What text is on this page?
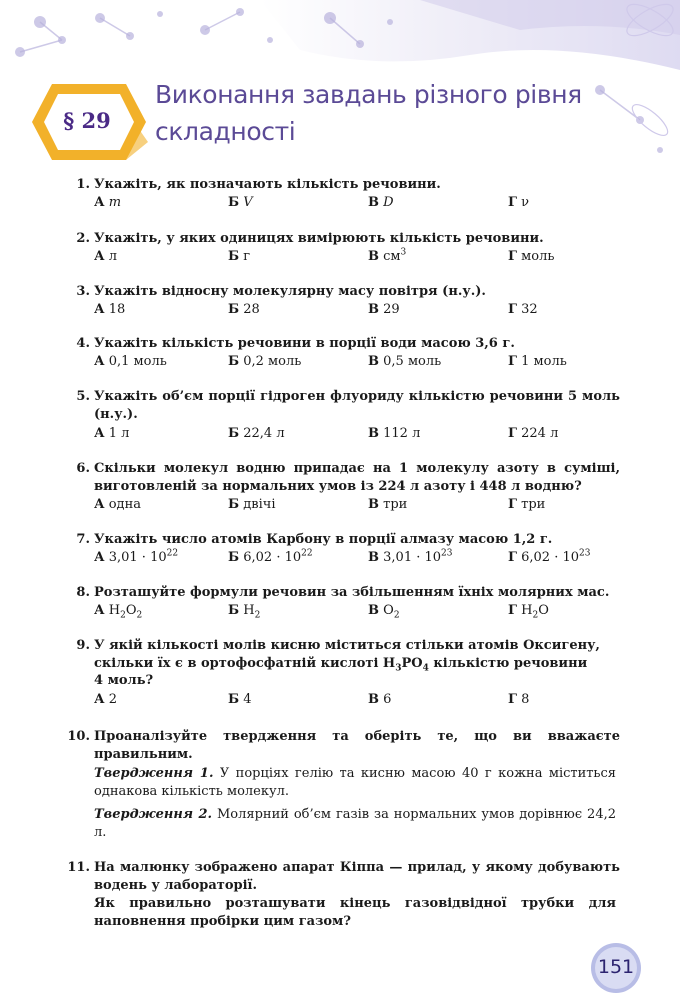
§ 29
Виконання завдань різного рівня
складності
1. Укажіть, як позначають кількість речовини.
А m	Б V	В D	Г ν
2. Укажіть, у яких одиницях вимірюють кількість речовини.
А л	Б г	В $см^3$	Г моль
3. Укажіть відносну молекулярну масу повітря (н.у.).
А 18	Б 28	В 29	Г 32
4. Укажіть кількість речовини в порції води масою 3,6 г.
А 0,1 моль	Б 0,2 моль	В 0,5 моль	Г 1 моль
5. Укажіть об’єм порції гідроген флуориду кількістю речовини 5 моль (н.у.).
А 1 л	Б 22,4 л	В 112 л	Г 224 л
6. Скільки молекул водню припадає на 1 молекулу азоту в суміші, виготовленій за нормальних умов із 224 л азоту і 448 л водню?
А одна	Б двічі	В три	Г три
7. Укажіть число атомів Карбону в порції алмазу масою 1,2 г.
А $3,01 \cdot 10^{22}$	Б $6,02 \cdot 10^{22}$	В $3,01 \cdot 10^{23}$	Г $6,02 \cdot 10^{23}$
8. Розташуйте формули речовин за збільшенням їхніх молярних мас.
А $H_2O_2$	Б $H_2$	В $O_2$	Г $H_2O$
9. У якій кількості молів кисню міститься стільки атомів Оксигену,
скільки їх є в ортофосфатній кислоті $H_3PO_4$ кількістю речовини
4 моль?
А 2	Б 4	В 6	Г 8
10. Проаналізуйте твердження та оберіть те, що ви вважаєте правильним.
Твердження 1. У порціях гелію та кисню масою 40 г кожна міститься однакова кількість молекул.
Твердження 2. Молярний об’єм газів за нормальних умов дорівнює 24,2 л.
11. На малюнку зображено апарат Кіппа — прилад, у якому добувають водень у лабораторії.
Як правильно розташувати кінець газовідвідної трубки для наповнення пробірки цим газом?
151
